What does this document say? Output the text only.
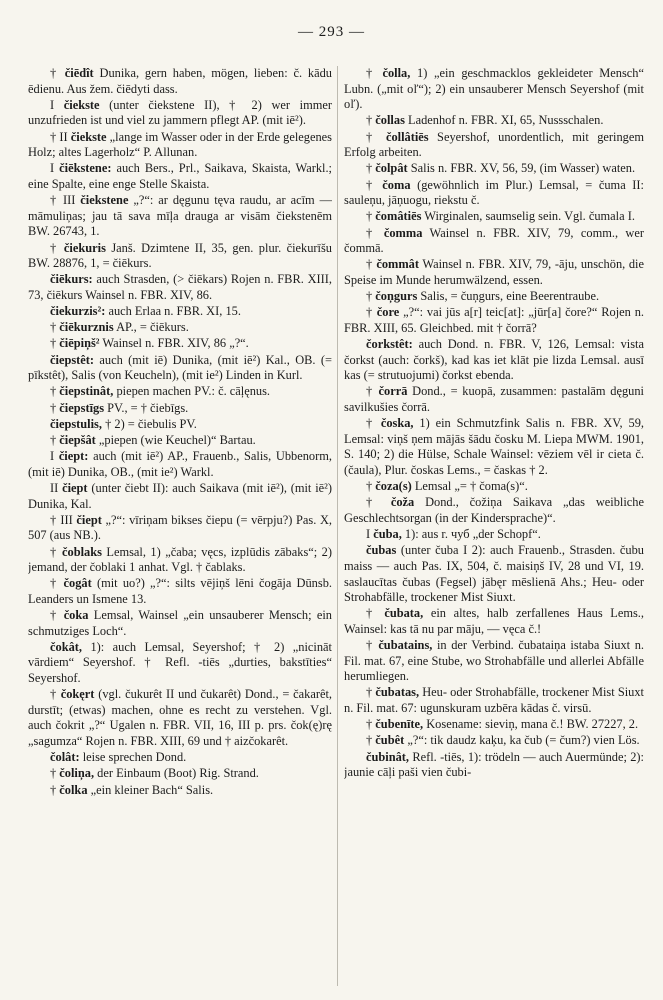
— 293 —

† čiēdît Dunika, gern haben, mögen, lieben: č. kādu ēdienu. Aus žem. čiēdyti dass.

I čiekste (unter čiekstene II), † 2) wer immer unzufrieden ist und viel zu jammern pflegt AP. (mit iē²).

† II čiekste „lange im Wasser oder in der Erde gelegenes Holz; altes Lagerholz“ P. Allunan.

I čiēkstene: auch Bers., Prl., Saikava, Skaista, Warkl.; eine Spalte, eine enge Stelle Skaista.

† III čiekstene „?“: ar dęgunu tęva raudu, ar acīm — māmuliņas; jau tā sava mīļa drauga ar visām čiekstenēm BW. 26743, 1.

† čiekuris Janš. Dzimtene II, 35, gen. plur. čiekurīšu BW. 28876, 1, = čiēkurs.

čiēkurs: auch Strasden, (> čiēkars) Rojen n. FBR. XIII, 73, čiēkurs Wainsel n. FBR. XIV, 86.

čiekurzis²: auch Erlaa n. FBR. XI, 15.

† čiēkurznis AP., = čiēkurs.

† čiēpiņš² Wainsel n. FBR. XIV, 86 „?“.

čiepstêt: auch (mit iē) Dunika, (mit iē²) Kal., OB. (= pīkstêt), Salis (von Keucheln), (mit ie²) Linden in Kurl.

† čiepstinât, piepen machen PV.: č. cāļęnus.

† čiepstīgs PV., = † čiebīgs.

čiepstulis, † 2) = čiebulis PV.

† čiepšât „piepen (wie Keuchel)“ Bartau.

I čiept: auch (mit iē²) AP., Frauenb., Salis, Ubbenorm, (mit iē) Dunika, OB., (mit ie²) Warkl.

II čiept (unter čiebt II): auch Saikava (mit iē²), (mit iē²) Dunika, Kal.

† III čiept „?“: vīriņam bikses čiepu (= vērpju?) Pas. X, 507 (aus NB.).

† čoblaks Lemsal, 1) „čaba; vęcs, izplūdis zābaks“; 2) jemand, der čoblaki 1 anhat. Vgl. † čablaks.

† čogât (mit uo?) „?“: silts vējiņš lēni čogāja Dūnsb. Leanders un Ismene 13.

† čoka Lemsal, Wainsel „ein unsauberer Mensch; ein schmutziges Loch“.

čokât, 1): auch Lemsal, Seyershof; † 2) „nicināt vārdiem“ Seyershof. † Refl. -tiēs „durties, bakstīties“ Seyershof.

† čokęrt (vgl. čukurêt II und čukarêt) Dond., = čakarêt, durstīt; (etwas) machen, ohne es recht zu verstehen. Vgl. auch čokrit „?“ Ugalen n. FBR. VII, 16, III p. prs. čok(ę)rę „sagumza“ Rojen n. FBR. XIII, 69 und † aizčokarêt.

čolât: leise sprechen Dond.

† čoliņa, der Einbaum (Boot) Rig. Strand.

† čolka „ein kleiner Bach“ Salis.

† čolla, 1) „ein geschmacklos gekleideter Mensch“ Lubn. („mit oľ“); 2) ein unsauberer Mensch Seyershof (mit oľ).

† čollas Ladenhof n. FBR. XI, 65, Nussschalen.

† čollâtiēs Seyershof, unordentlich, mit geringem Erfolg arbeiten.

† čolpât Salis n. FBR. XV, 56, 59, (im Wasser) waten.

† čoma (gewöhnlich im Plur.) Lemsal, = čuma II: sauleņu, jāņuogu, riekstu č.

† čomâtiēs Wirginalen, saumselig sein. Vgl. čumala I.

† čomma Wainsel n. FBR. XIV, 79, comm., wer čommā.

† čommât Wainsel n. FBR. XIV, 79, -āju, unschön, die Speise im Munde herumwälzend, essen.

† čoņgurs Salis, = čuņgurs, eine Beerentraube.

† čore „?“: vai jūs a[r] teic[at]: „jūr[a] čore?“ Rojen n. FBR. XIII, 65. Gleichbed. mit † čorrā?

čorkstêt: auch Dond. n. FBR. V, 126, Lemsal: vista čorkst (auch: čorkš), kad kas iet klāt pie lizda Lemsal. ausī kas (= strutuojumi) čorkst ebenda.

† čorrā Dond., = kuopā, zusammen: pastalām dęguni savilkušies čorrā.

† čoska, 1) ein Schmutzfink Salis n. FBR. XV, 59, Lemsal: viņš ņem mājās šādu čosku M. Liepa MWM. 1901, S. 140; 2) die Hülse, Schale Wainsel: vēziem vēl ir cieta č. (čaula), Plur. čoskas Lems., = časkas † 2.

† čoza(s) Lemsal „= † čoma(s)“.

† čoža Dond., čožiņa Saikava „das weibliche Geschlechtsorgan (in der Kindersprache)“.

I čuba, 1): aus r. чуб „der Schopf“.

čubas (unter čuba I 2): auch Frauenb., Strasden. čubu maiss — auch Pas. IX, 504, č. maisiņš IV, 28 und VI, 19. saslaucītas čubas (Fegsel) jābęr mēslienā Ahs.; Heu- oder Strohabfälle, trockener Mist Siuxt.

† čubata, ein altes, halb zerfallenes Haus Lems., Wainsel: kas tā nu par māju, — vęca č.!

† čubatains, in der Verbind. čubataiņa istaba Siuxt n. Fil. mat. 67, eine Stube, wo Strohabfälle und allerlei Abfälle herumliegen.

† čubatas, Heu- oder Strohabfälle, trockener Mist Siuxt n. Fil. mat. 67: ugunskuram uzbēra kādas č. virsū.

† čubenīte, Kosename: sieviņ, mana č.! BW. 27227, 2.

† čubêt „?“: tik daudz kaķu, ka čub (= čum?) vien Lös.

čubinât, Refl. -tiēs, 1): trödeln — auch Auermünde; 2): jaunie cāļi paši vien čubi-
